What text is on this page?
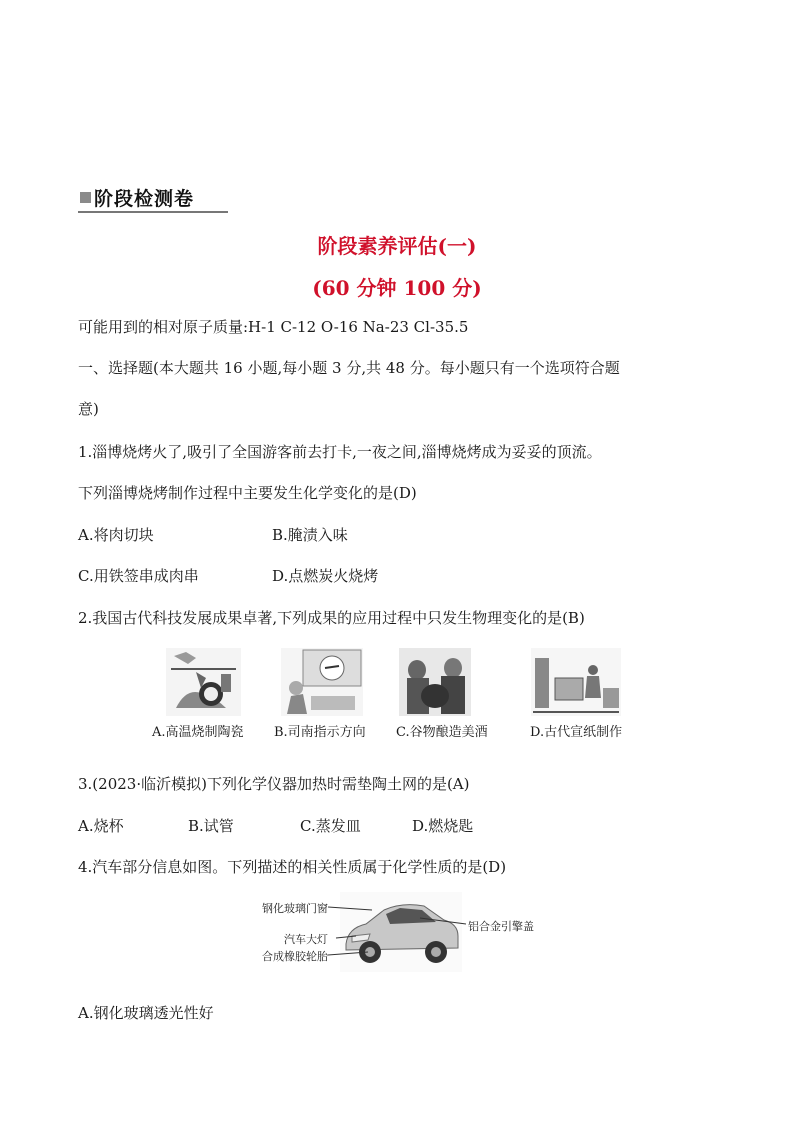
阶段检测卷
阶段素养评估(一)
(60 分钟 100 分)
可能用到的相对原子质量:H-1 C-12 O-16 Na-23 Cl-35.5
一、选择题(本大题共 16 小题,每小题 3 分,共 48 分。每小题只有一个选项符合题
意)
1.淄博烧烤火了,吸引了全国游客前去打卡,一夜之间,淄博烧烤成为妥妥的顶流。
下列淄博烧烤制作过程中主要发生化学变化的是(D)
A.将肉切块	B.腌渍入味
C.用铁签串成肉串	D.点燃炭火烧烤
2.我国古代科技发展成果卓著,下列成果的应用过程中只发生物理变化的是(B)
A.高温烧制陶瓷 B.司南指示方向 C.谷物酿造美酒	D.古代宣纸制作
3.(2023·临沂模拟)下列化学仪器加热时需垫陶土网的是(A)
A.烧杯	B.试管	C.蒸发皿	D.燃烧匙
4.汽车部分信息如图。下列描述的相关性质属于化学性质的是(D)
钢化玻璃门窗
汽车大灯
合成橡胶轮胎
铝合金引擎盖
A.钢化玻璃透光性好
